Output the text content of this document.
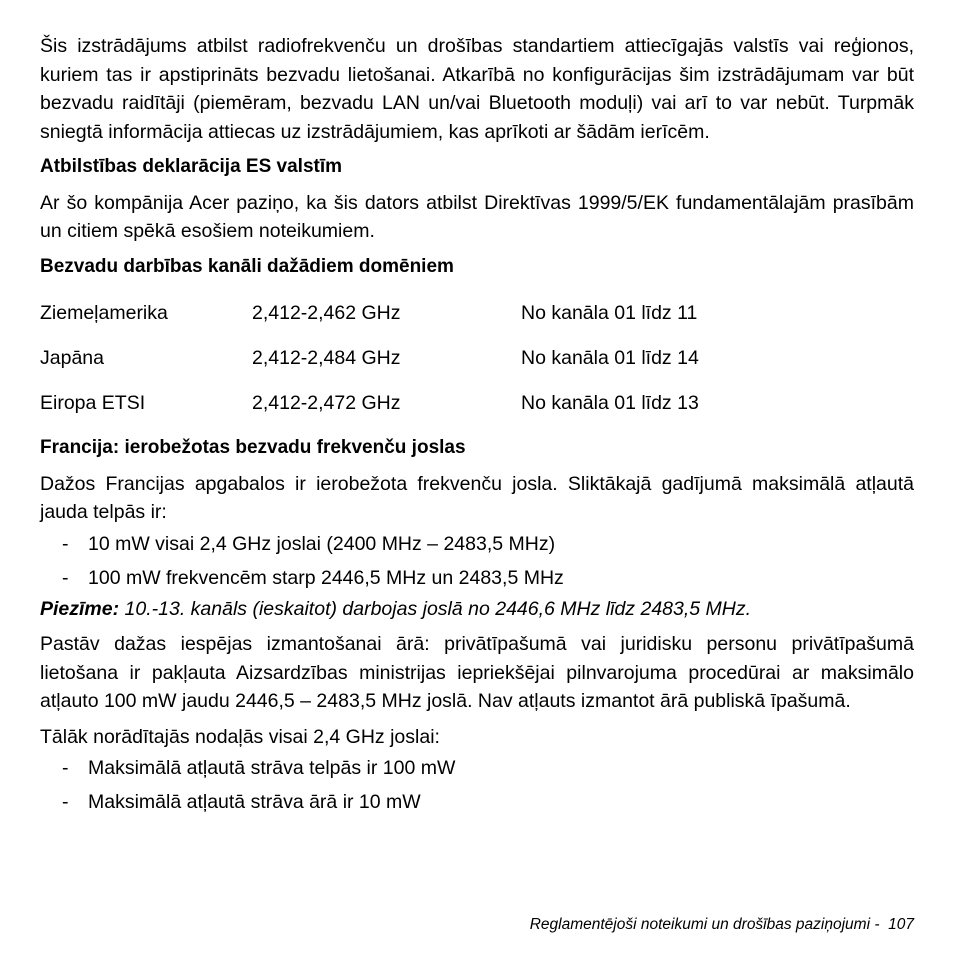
Šis izstrādājums atbilst radiofrekvenču un drošības standartiem attiecīgajās valstīs vai reģionos, kuriem tas ir apstiprināts bezvadu lietošanai. Atkarībā no konfigurācijas šim izstrādājumam var būt bezvadu raidītāji (piemēram, bezvadu LAN un/vai Bluetooth moduļi) vai arī to var nebūt. Turpmāk sniegtā informācija attiecas uz izstrādājumiem, kas aprīkoti ar šādām ierīcēm.

Atbilstības deklarācija ES valstīm

Ar šo kompānija Acer paziņo, ka šis dators atbilst Direktīvas 1999/5/EK fundamentālajām prasībām un citiem spēkā esošiem noteikumiem.

Bezvadu darbības kanāli dažādiem domēniem

Ziemeļamerika	2,412-2,462 GHz	No kanāla 01 līdz 11
Japāna	2,412-2,484 GHz	No kanāla 01 līdz 14
Eiropa ETSI	2,412-2,472 GHz	No kanāla 01 līdz 13

Francija: ierobežotas bezvadu frekvenču joslas

Dažos Francijas apgabalos ir ierobežota frekvenču josla. Sliktākajā gadījumā maksimālā atļautā jauda telpās ir:

- 10 mW visai 2,4 GHz joslai (2400 MHz – 2483,5 MHz)
- 100 mW frekvencēm starp 2446,5 MHz un 2483,5 MHz

Piezīme: 10.-13. kanāls (ieskaitot) darbojas joslā no 2446,6 MHz līdz 2483,5 MHz.

Pastāv dažas iespējas izmantošanai ārā: privātīpašumā vai juridisku personu privātīpašumā lietošana ir pakļauta Aizsardzības ministrijas iepriekšējai pilnvarojuma procedūrai ar maksimālo atļauto 100 mW jaudu 2446,5 – 2483,5 MHz joslā. Nav atļauts izmantot ārā publiskā īpašumā.

Tālāk norādītajās nodaļās visai 2,4 GHz joslai:

- Maksimālā atļautā strāva telpās ir 100 mW
- Maksimālā atļautā strāva ārā ir 10 mW
Reglamentējoši noteikumi un drošības paziņojumi - 107
